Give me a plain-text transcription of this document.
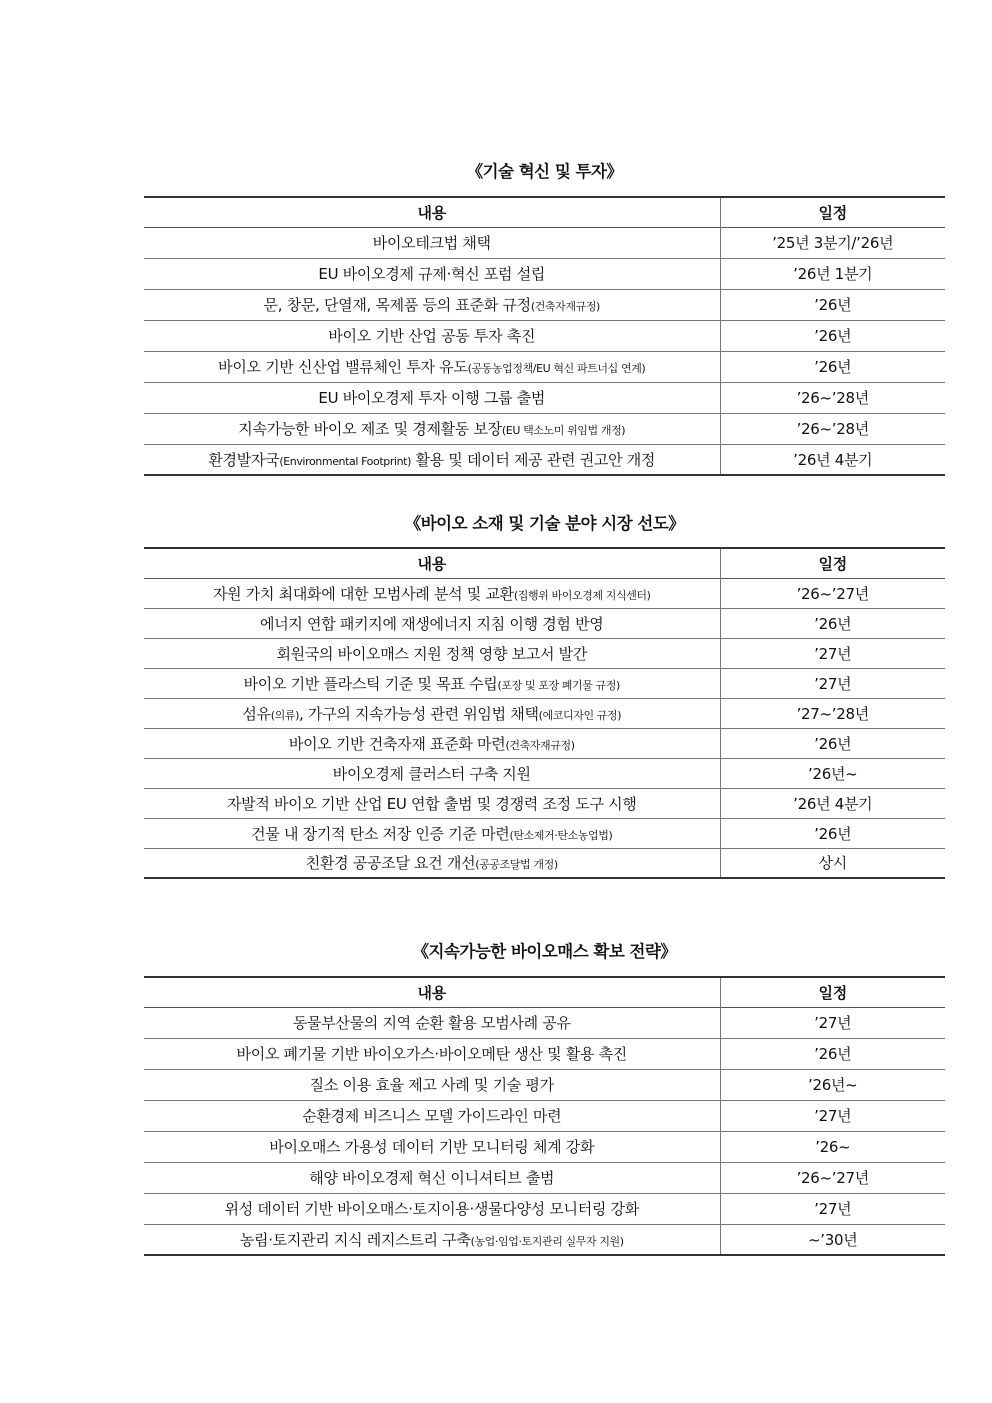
《기술 혁신 및 투자》
내용	일정
바이오테크법 채택	’25년 3분기/’26년
EU 바이오경제 규제·혁신 포럼 설립	’26년 1분기
문, 창문, 단열재, 목제품 등의 표준화 규정(건축자재규정)	’26년
바이오 기반 산업 공동 투자 촉진	’26년
바이오 기반 신산업 밸류체인 투자 유도(공동농업정책/EU 혁신 파트너십 연계)	’26년
EU 바이오경제 투자 이행 그룹 출범	’26~’28년
지속가능한 바이오 제조 및 경제활동 보장(EU 택소노미 위임법 개정)	’26~’28년
환경발자국(Environmental Footprint) 활용 및 데이터 제공 관련 권고안 개정	’26년 4분기
《바이오 소재 및 기술 분야 시장 선도》
내용	일정
자원 가치 최대화에 대한 모범사례 분석 및 교환(집행위 바이오경제 지식센터)	’26~’27년
에너지 연합 패키지에 재생에너지 지침 이행 경험 반영	’26년
회원국의 바이오매스 지원 정책 영향 보고서 발간	’27년
바이오 기반 플라스틱 기준 및 목표 수립(포장 및 포장 폐기물 규정)	’27년
섬유(의류), 가구의 지속가능성 관련 위임법 채택(에코디자인 규정)	’27~’28년
바이오 기반 건축자재 표준화 마련(건축자재규정)	’26년
바이오경제 클러스터 구축 지원	’26년~
자발적 바이오 기반 산업 EU 연합 출범 및 경쟁력 조정 도구 시행	’26년 4분기
건물 내 장기적 탄소 저장 인증 기준 마련(탄소제거·탄소농업법)	’26년
친환경 공공조달 요건 개선(공공조달법 개정)	상시
《지속가능한 바이오매스 확보 전략》
내용	일정
동물부산물의 지역 순환 활용 모범사례 공유	’27년
바이오 폐기물 기반 바이오가스·바이오메탄 생산 및 활용 촉진	’26년
질소 이용 효율 제고 사례 및 기술 평가	’26년~
순환경제 비즈니스 모델 가이드라인 마련	’27년
바이오매스 가용성 데이터 기반 모니터링 체계 강화	’26~
해양 바이오경제 혁신 이니셔티브 출범	’26~’27년
위성 데이터 기반 바이오매스·토지이용·생물다양성 모니터링 강화	’27년
농림·토지관리 지식 레지스트리 구축(농업·임업·토지관리 실무자 지원)	~’30년
